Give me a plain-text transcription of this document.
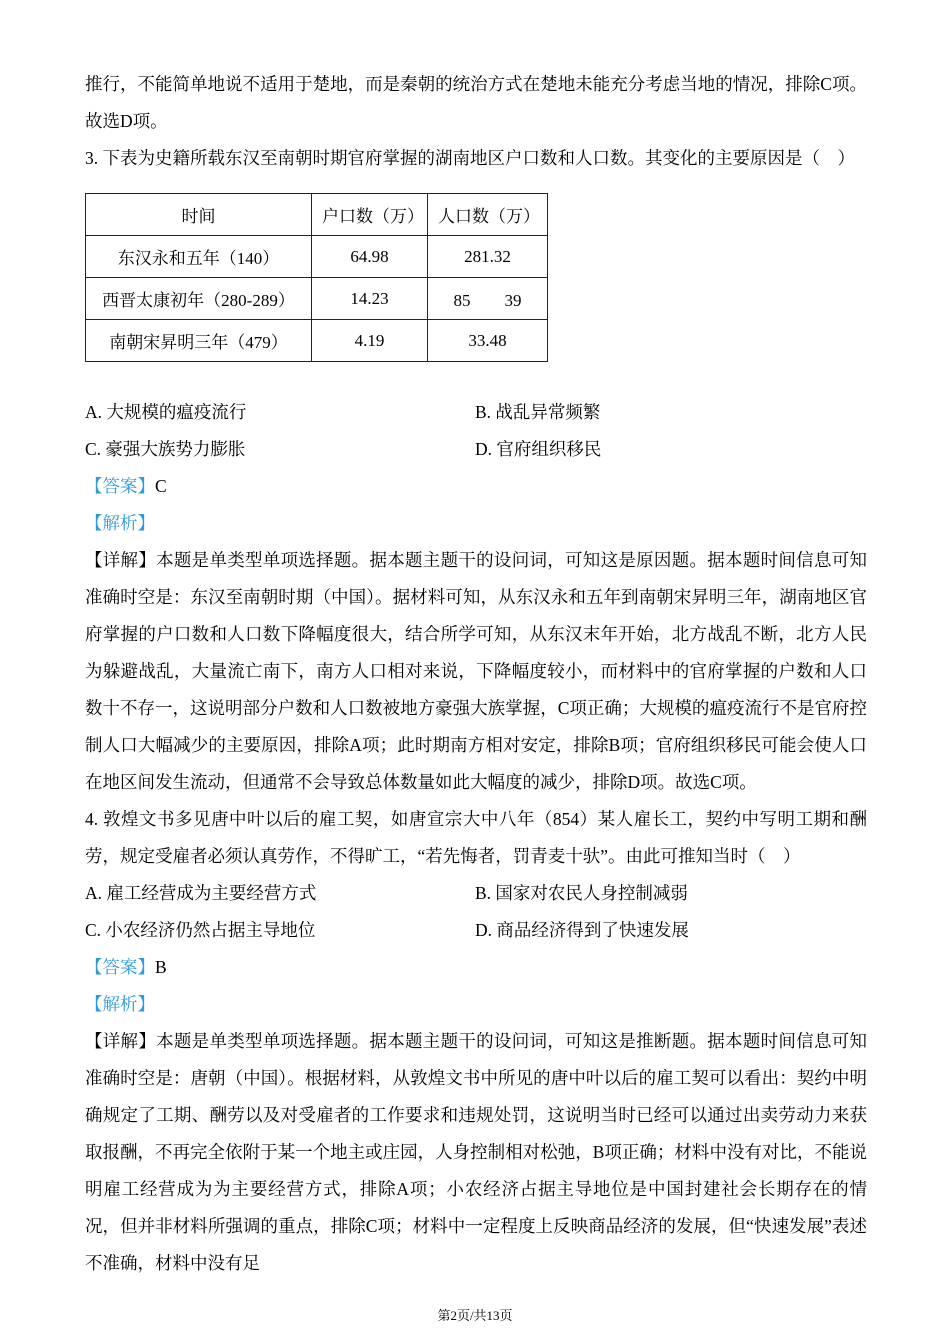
推行，不能简单地说不适用于楚地，而是秦朝的统治方式在楚地未能充分考虑当地的情况，排除C项。故选D项。

3. 下表为史籍所载东汉至南朝时期官府掌握的湖南地区户口数和人口数。其变化的主要原因是（　）

时间	户口数（万）	人口数（万）
东汉永和五年（140）	64.98	281.32
西晋太康初年（280-289）	14.23	85　　39
南朝宋昇明三年（479）	4.19	33.48
A. 大规模的瘟疫流行	B. 战乱异常频繁
C. 豪强大族势力膨胀	D. 官府组织移民

【答案】C

【解析】

【详解】本题是单类型单项选择题。据本题主题干的设问词，可知这是原因题。据本题时间信息可知准确时空是：东汉至南朝时期（中国）。据材料可知，从东汉永和五年到南朝宋昇明三年，湖南地区官府掌握的户口数和人口数下降幅度很大，结合所学可知，从东汉末年开始，北方战乱不断，北方人民为躲避战乱，大量流亡南下，南方人口相对来说，下降幅度较小，而材料中的官府掌握的户数和人口数十不存一，这说明部分户数和人口数被地方豪强大族掌握，C项正确；大规模的瘟疫流行不是官府控制人口大幅减少的主要原因，排除A项；此时期南方相对安定，排除B项；官府组织移民可能会使人口在地区间发生流动，但通常不会导致总体数量如此大幅度的减少，排除D项。故选C项。

4. 敦煌文书多见唐中叶以后的雇工契，如唐宣宗大中八年（854）某人雇长工，契约中写明工期和酬劳，规定受雇者必须认真劳作，不得旷工，“若先悔者，罚青麦十驮”。由此可推知当时（　）

A. 雇工经营成为主要经营方式	B. 国家对农民人身控制减弱
C. 小农经济仍然占据主导地位	D. 商品经济得到了快速发展

【答案】B

【解析】

【详解】本题是单类型单项选择题。据本题主题干的设问词，可知这是推断题。据本题时间信息可知准确时空是：唐朝（中国）。根据材料，从敦煌文书中所见的唐中叶以后的雇工契可以看出：契约中明确规定了工期、酬劳以及对受雇者的工作要求和违规处罚，这说明当时已经可以通过出卖劳动力来获取报酬，不再完全依附于某一个地主或庄园，人身控制相对松弛，B项正确；材料中没有对比，不能说明雇工经营成为为主要经营方式，排除A项；小农经济占据主导地位是中国封建社会长期存在的情况，但并非材料所强调的重点，排除C项；材料中一定程度上反映商品经济的发展，但“快速发展”表述不准确，材料中没有足

第2页/共13页
